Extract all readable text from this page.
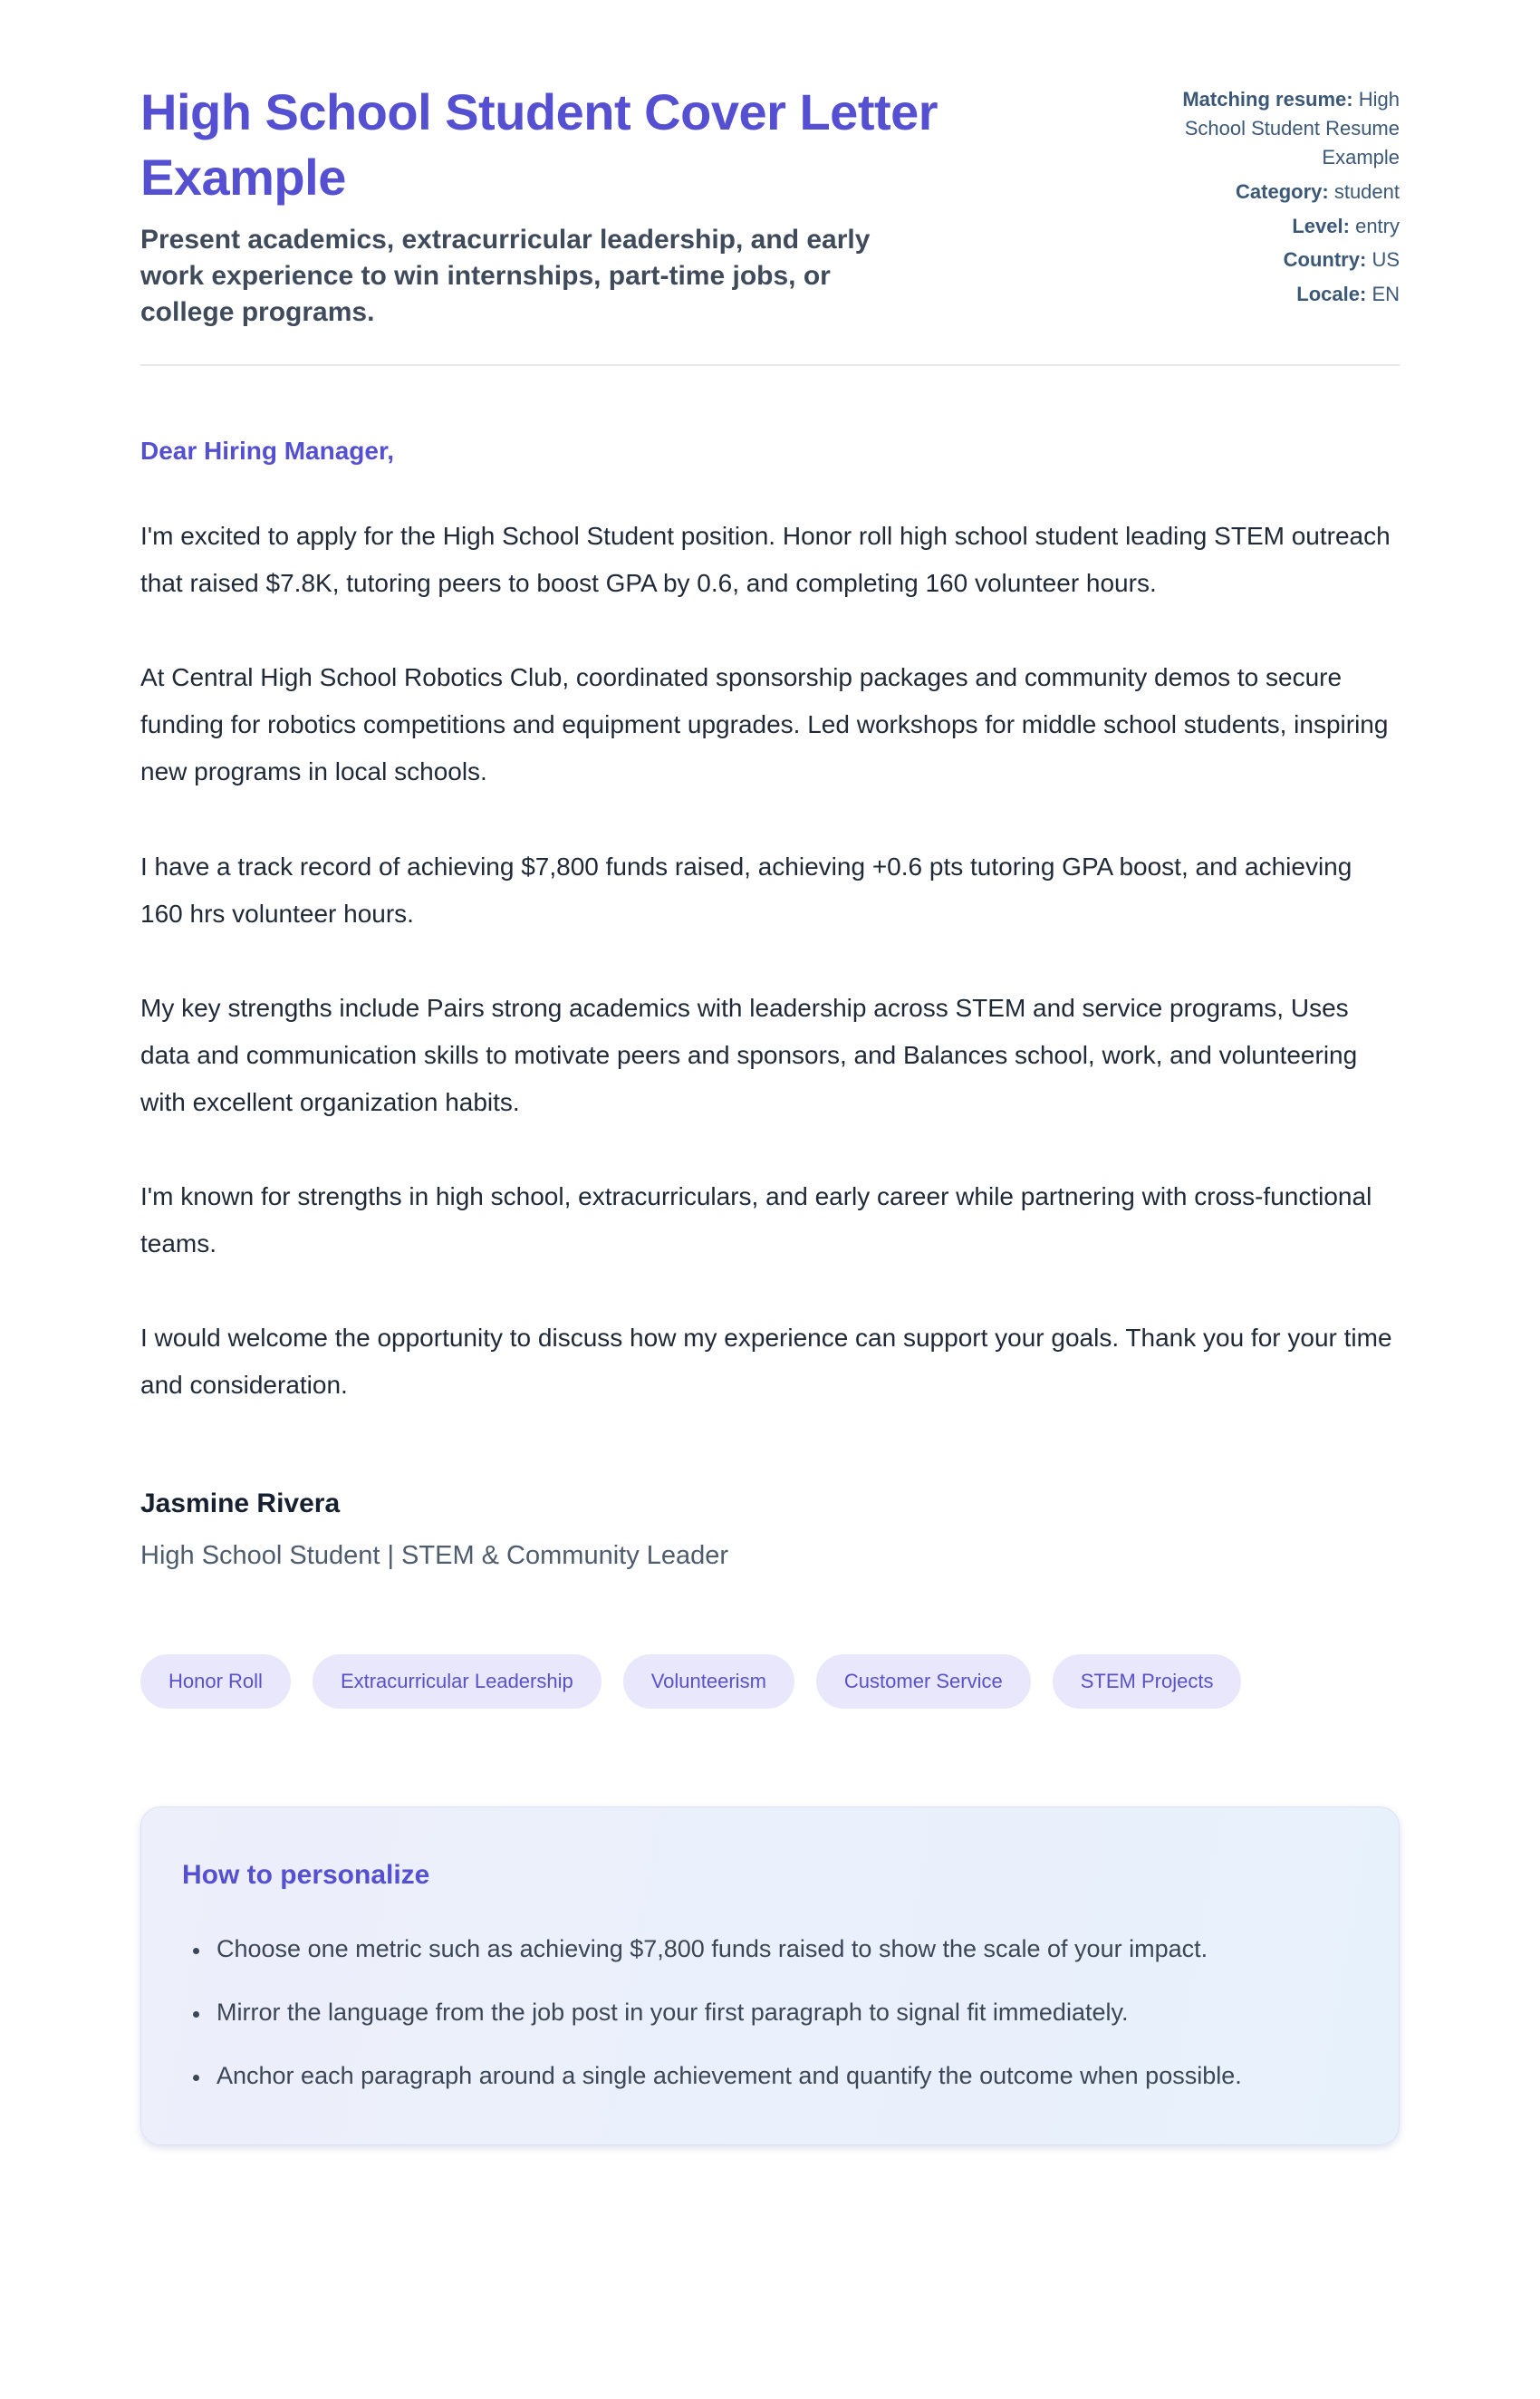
High School Student Cover Letter Example

Present academics, extracurricular leadership, and early work experience to win internships, part-time jobs, or college programs.

Matching resume: High School Student Resume Example
Category: student
Level: entry
Country: US
Locale: EN

Dear Hiring Manager,

I'm excited to apply for the High School Student position. Honor roll high school student leading STEM outreach that raised $7.8K, tutoring peers to boost GPA by 0.6, and completing 160 volunteer hours.

At Central High School Robotics Club, coordinated sponsorship packages and community demos to secure funding for robotics competitions and equipment upgrades. Led workshops for middle school students, inspiring new programs in local schools.

I have a track record of achieving $7,800 funds raised, achieving +0.6 pts tutoring GPA boost, and achieving 160 hrs volunteer hours.

My key strengths include Pairs strong academics with leadership across STEM and service programs, Uses data and communication skills to motivate peers and sponsors, and Balances school, work, and volunteering with excellent organization habits.

I'm known for strengths in high school, extracurriculars, and early career while partnering with cross-functional teams.

I would welcome the opportunity to discuss how my experience can support your goals. Thank you for your time and consideration.

Jasmine Rivera

High School Student | STEM & Community Leader

Honor Roll	Extracurricular Leadership	Volunteerism	Customer Service	STEM Projects
How to personalize
• Choose one metric such as achieving $7,800 funds raised to show the scale of your impact.
• Mirror the language from the job post in your first paragraph to signal fit immediately.
• Anchor each paragraph around a single achievement and quantify the outcome when possible.
